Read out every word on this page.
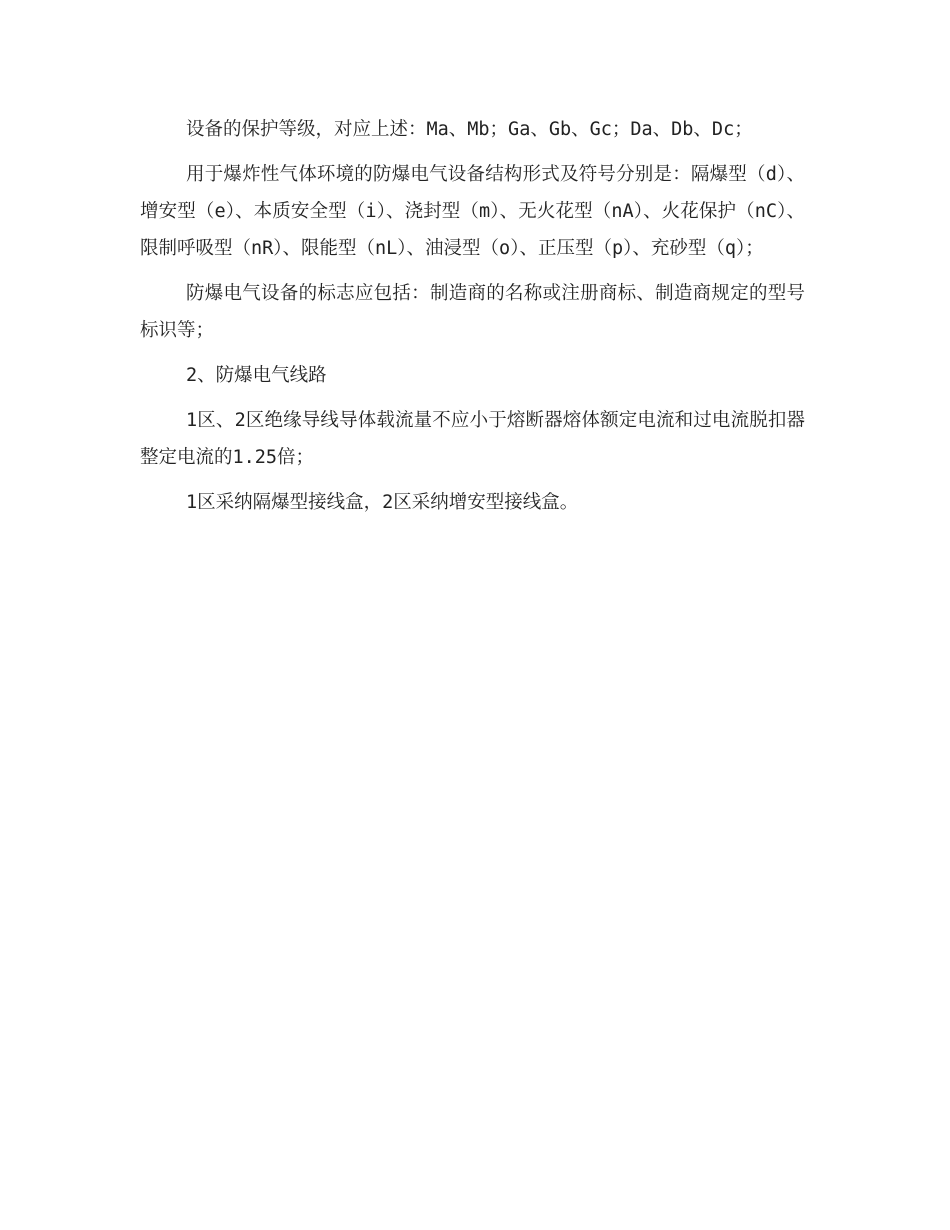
设备的保护等级，对应上述：Ma、Mb；Ga、Gb、Gc；Da、Db、Dc；

用于爆炸性气体环境的防爆电气设备结构形式及符号分别是：隔爆型（d）、增安型（e）、本质安全型（i）、浇封型（m）、无火花型（nA）、火花保护（nC）、限制呼吸型（nR）、限能型（nL）、油浸型（o）、正压型（p）、充砂型（q）；

防爆电气设备的标志应包括：制造商的名称或注册商标、制造商规定的型号标识等；

2、防爆电气线路

1区、2区绝缘导线导体载流量不应小于熔断器熔体额定电流和过电流脱扣器整定电流的1.25倍；

1区采纳隔爆型接线盒，2区采纳增安型接线盒。
